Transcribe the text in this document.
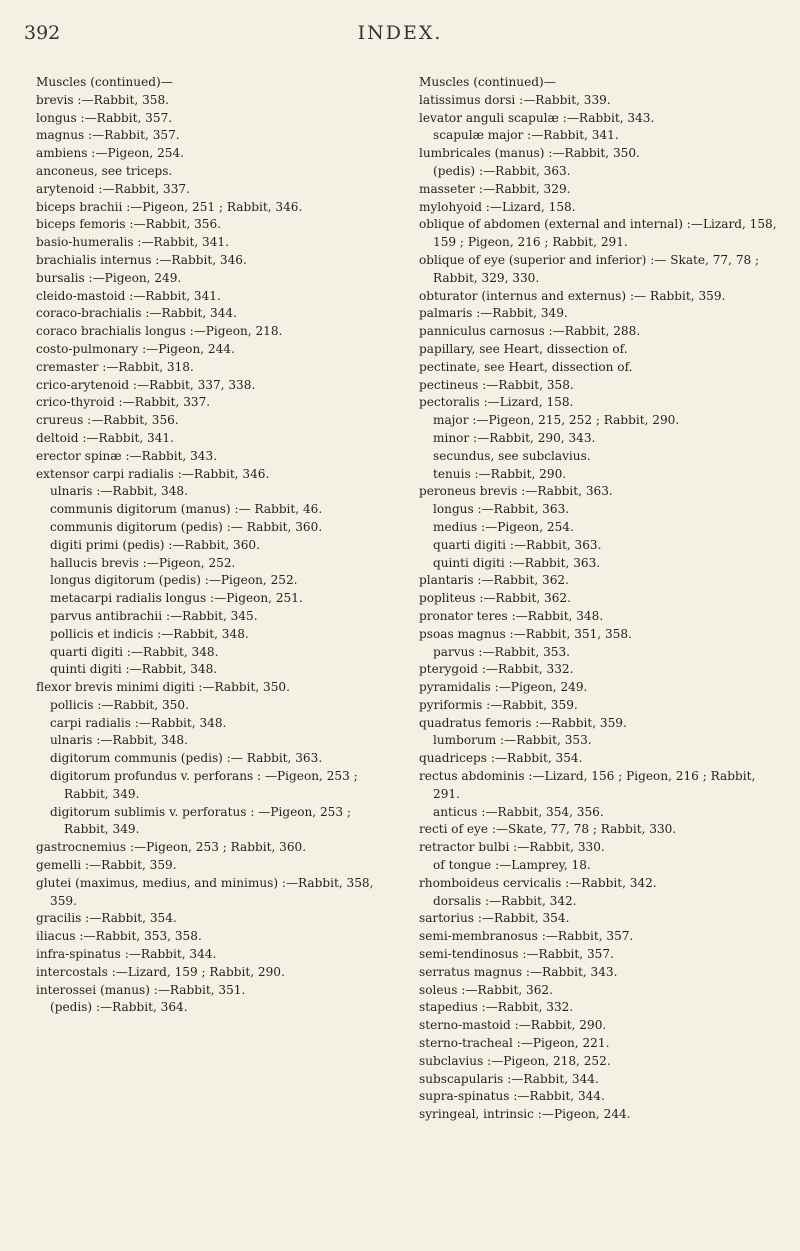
392	INDEX.
Muscles (continued)—
brevis :—Rabbit, 358.
longus :—Rabbit, 357.
magnus :—Rabbit, 357.
ambiens :—Pigeon, 254.
anconeus, see triceps.
arytenoid :—Rabbit, 337.
biceps brachii :—Pigeon, 251 ; Rabbit, 346.
biceps femoris :—Rabbit, 356.
basio-humeralis :—Rabbit, 341.
brachialis internus :—Rabbit, 346.
bursalis :—Pigeon, 249.
cleido-mastoid :—Rabbit, 341.
coraco-brachialis :—Rabbit, 344.
coraco brachialis longus :—Pigeon, 218.
costo-pulmonary :—Pigeon, 244.
cremaster :—Rabbit, 318.
crico-arytenoid :—Rabbit, 337, 338.
crico-thyroid :—Rabbit, 337.
crureus :—Rabbit, 356.
deltoid :—Rabbit, 341.
erector spinæ :—Rabbit, 343.
extensor carpi radialis :—Rabbit, 346.
ulnaris :—Rabbit, 348.
communis digitorum (manus) :— Rabbit, 46.
communis digitorum (pedis) :— Rabbit, 360.
digiti primi (pedis) :—Rabbit, 360.
hallucis brevis :—Pigeon, 252.
longus digitorum (pedis) :—Pigeon, 252.
metacarpi radialis longus :—Pigeon, 251.
parvus antibrachii :—Rabbit, 345.
pollicis et indicis :—Rabbit, 348.
quarti digiti :—Rabbit, 348.
quinti digiti :—Rabbit, 348.
flexor brevis minimi digiti :—Rabbit, 350.
pollicis :—Rabbit, 350.
carpi radialis :—Rabbit, 348.
ulnaris :—Rabbit, 348.
digitorum communis (pedis) :— Rabbit, 363.
digitorum profundus v. perforans : —Pigeon, 253 ; Rabbit, 349.
digitorum sublimis v. perforatus : —Pigeon, 253 ; Rabbit, 349.
gastrocnemius :—Pigeon, 253 ; Rabbit, 360.
gemelli :—Rabbit, 359.
glutei (maximus, medius, and minimus) :—Rabbit, 358, 359.
gracilis :—Rabbit, 354.
iliacus :—Rabbit, 353, 358.
infra-spinatus :—Rabbit, 344.
intercostals :—Lizard, 159 ; Rabbit, 290.
interossei (manus) :—Rabbit, 351.
(pedis) :—Rabbit, 364.
Muscles (continued)—
latissimus dorsi :—Rabbit, 339.
levator anguli scapulæ :—Rabbit, 343.
scapulæ major :—Rabbit, 341.
lumbricales (manus) :—Rabbit, 350.
(pedis) :—Rabbit, 363.
masseter :—Rabbit, 329.
mylohyoid :—Lizard, 158.
oblique of abdomen (external and internal) :—Lizard, 158, 159 ; Pigeon, 216 ; Rabbit, 291.
oblique of eye (superior and inferior) :— Skate, 77, 78 ; Rabbit, 329, 330.
obturator (internus and externus) :— Rabbit, 359.
palmaris :—Rabbit, 349.
panniculus carnosus :—Rabbit, 288.
papillary, see Heart, dissection of.
pectinate, see Heart, dissection of.
pectineus :—Rabbit, 358.
pectoralis :—Lizard, 158.
major :—Pigeon, 215, 252 ; Rabbit, 290.
minor :—Rabbit, 290, 343.
secundus, see subclavius.
tenuis :—Rabbit, 290.
peroneus brevis :—Rabbit, 363.
longus :—Rabbit, 363.
medius :—Pigeon, 254.
quarti digiti :—Rabbit, 363.
quinti digiti :—Rabbit, 363.
plantaris :—Rabbit, 362.
popliteus :—Rabbit, 362.
pronator teres :—Rabbit, 348.
psoas magnus :—Rabbit, 351, 358.
parvus :—Rabbit, 353.
pterygoid :—Rabbit, 332.
pyramidalis :—Pigeon, 249.
pyriformis :—Rabbit, 359.
quadratus femoris :—Rabbit, 359.
lumborum :—Rabbit, 353.
quadriceps :—Rabbit, 354.
rectus abdominis :—Lizard, 156 ; Pigeon, 216 ; Rabbit, 291.
anticus :—Rabbit, 354, 356.
recti of eye :—Skate, 77, 78 ; Rabbit, 330.
retractor bulbi :—Rabbit, 330.
of tongue :—Lamprey, 18.
rhomboideus cervicalis :—Rabbit, 342.
dorsalis :—Rabbit, 342.
sartorius :—Rabbit, 354.
semi-membranosus :—Rabbit, 357.
semi-tendinosus :—Rabbit, 357.
serratus magnus :—Rabbit, 343.
soleus :—Rabbit, 362.
stapedius :—Rabbit, 332.
sterno-mastoid :—Rabbit, 290.
sterno-tracheal :—Pigeon, 221.
subclavius :—Pigeon, 218, 252.
subscapularis :—Rabbit, 344.
supra-spinatus :—Rabbit, 344.
syringeal, intrinsic :—Pigeon, 244.
